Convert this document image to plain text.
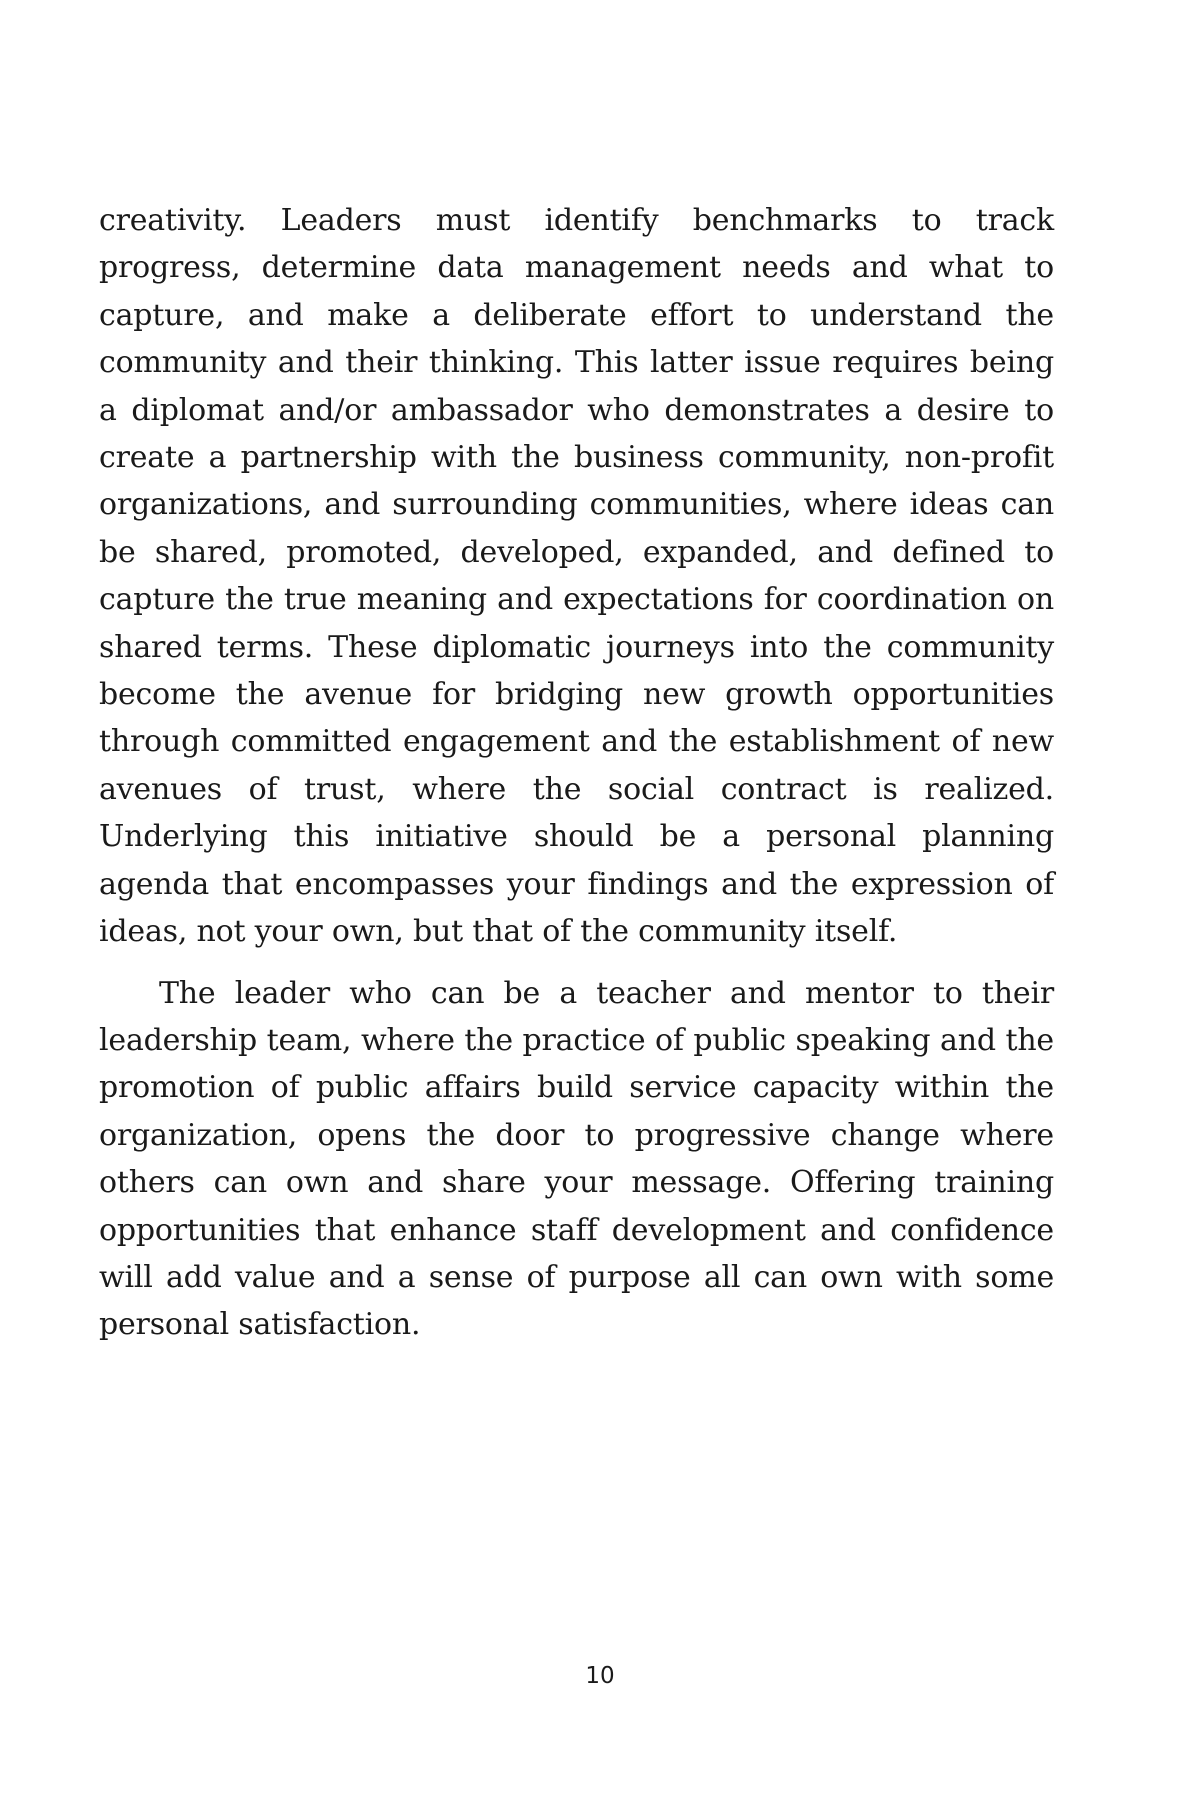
creativity. Leaders must identify benchmarks to track progress, determine data management needs and what to capture, and make a deliberate effort to understand the community and their thinking. This latter issue requires being a diplomat and/or ambassador who demonstrates a desire to create a partnership with the business community, non-profit organizations, and surrounding communities, where ideas can be shared, promoted, developed, expanded, and defined to capture the true meaning and expectations for coordination on shared terms. These diplomatic journeys into the community become the avenue for bridging new growth opportunities through committed engagement and the establishment of new avenues of trust, where the social contract is realized. Underlying this initiative should be a personal planning agenda that encompasses your findings and the expression of ideas, not your own, but that of the community itself.

The leader who can be a teacher and mentor to their leadership team, where the practice of public speaking and the promotion of public affairs build service capacity within the organization, opens the door to progressive change where others can own and share your message. Offering training opportunities that enhance staff development and confidence will add value and a sense of purpose all can own with some personal satisfaction.

10
